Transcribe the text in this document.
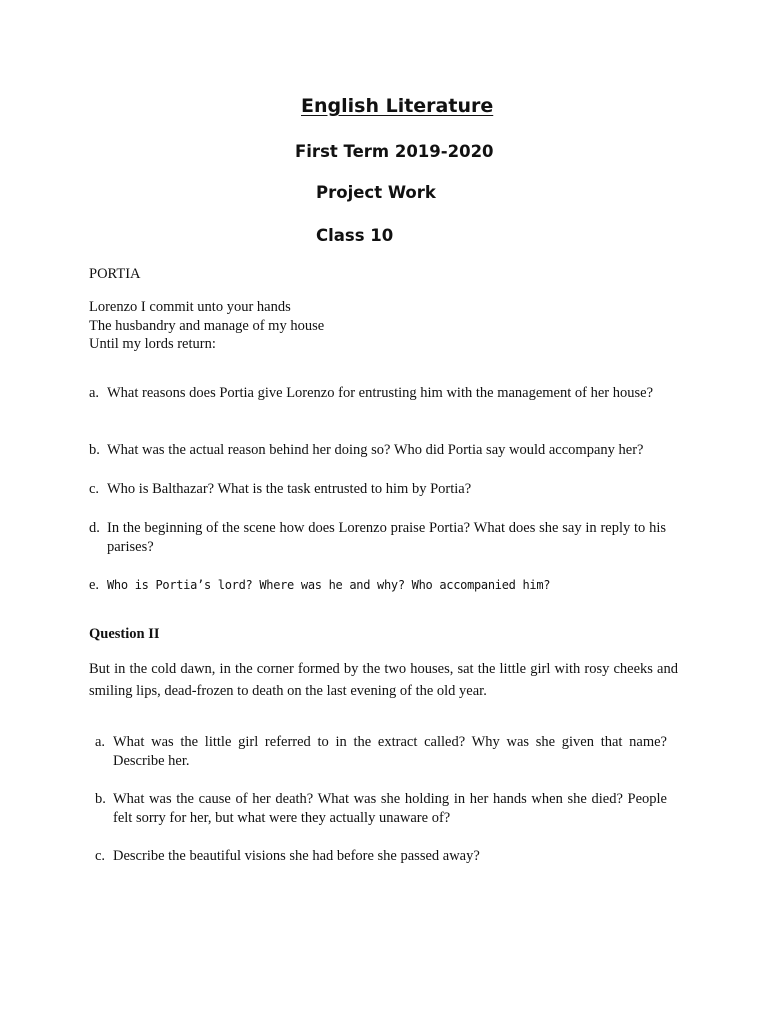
English Literature
First Term 2019-2020
Project Work
Class 10
PORTIA
Lorenzo I commit unto your hands
The husbandry and manage of my house
Until my lords return:
a. What reasons does Portia give Lorenzo for entrusting him with the management of her house?
b. What was the actual reason behind her doing so? Who did Portia say would accompany her?
c. Who is Balthazar? What is the task entrusted to him by Portia?
d. In the beginning of the scene how does Lorenzo praise Portia? What does she say in reply to his parises?
e. Who is Portia’s lord? Where was he and why? Who accompanied him?
Question II
But in the cold dawn, in the corner formed by the two houses, sat the little girl with rosy cheeks and smiling lips, dead-frozen to death on the last evening of the old year.
a. What was the little girl referred to in the extract called? Why was she given that name? Describe her.
b. What was the cause of her death? What was she holding in her hands when she died? People felt sorry for her, but what were they actually unaware of?
c. Describe the beautiful visions she had before she passed away?
